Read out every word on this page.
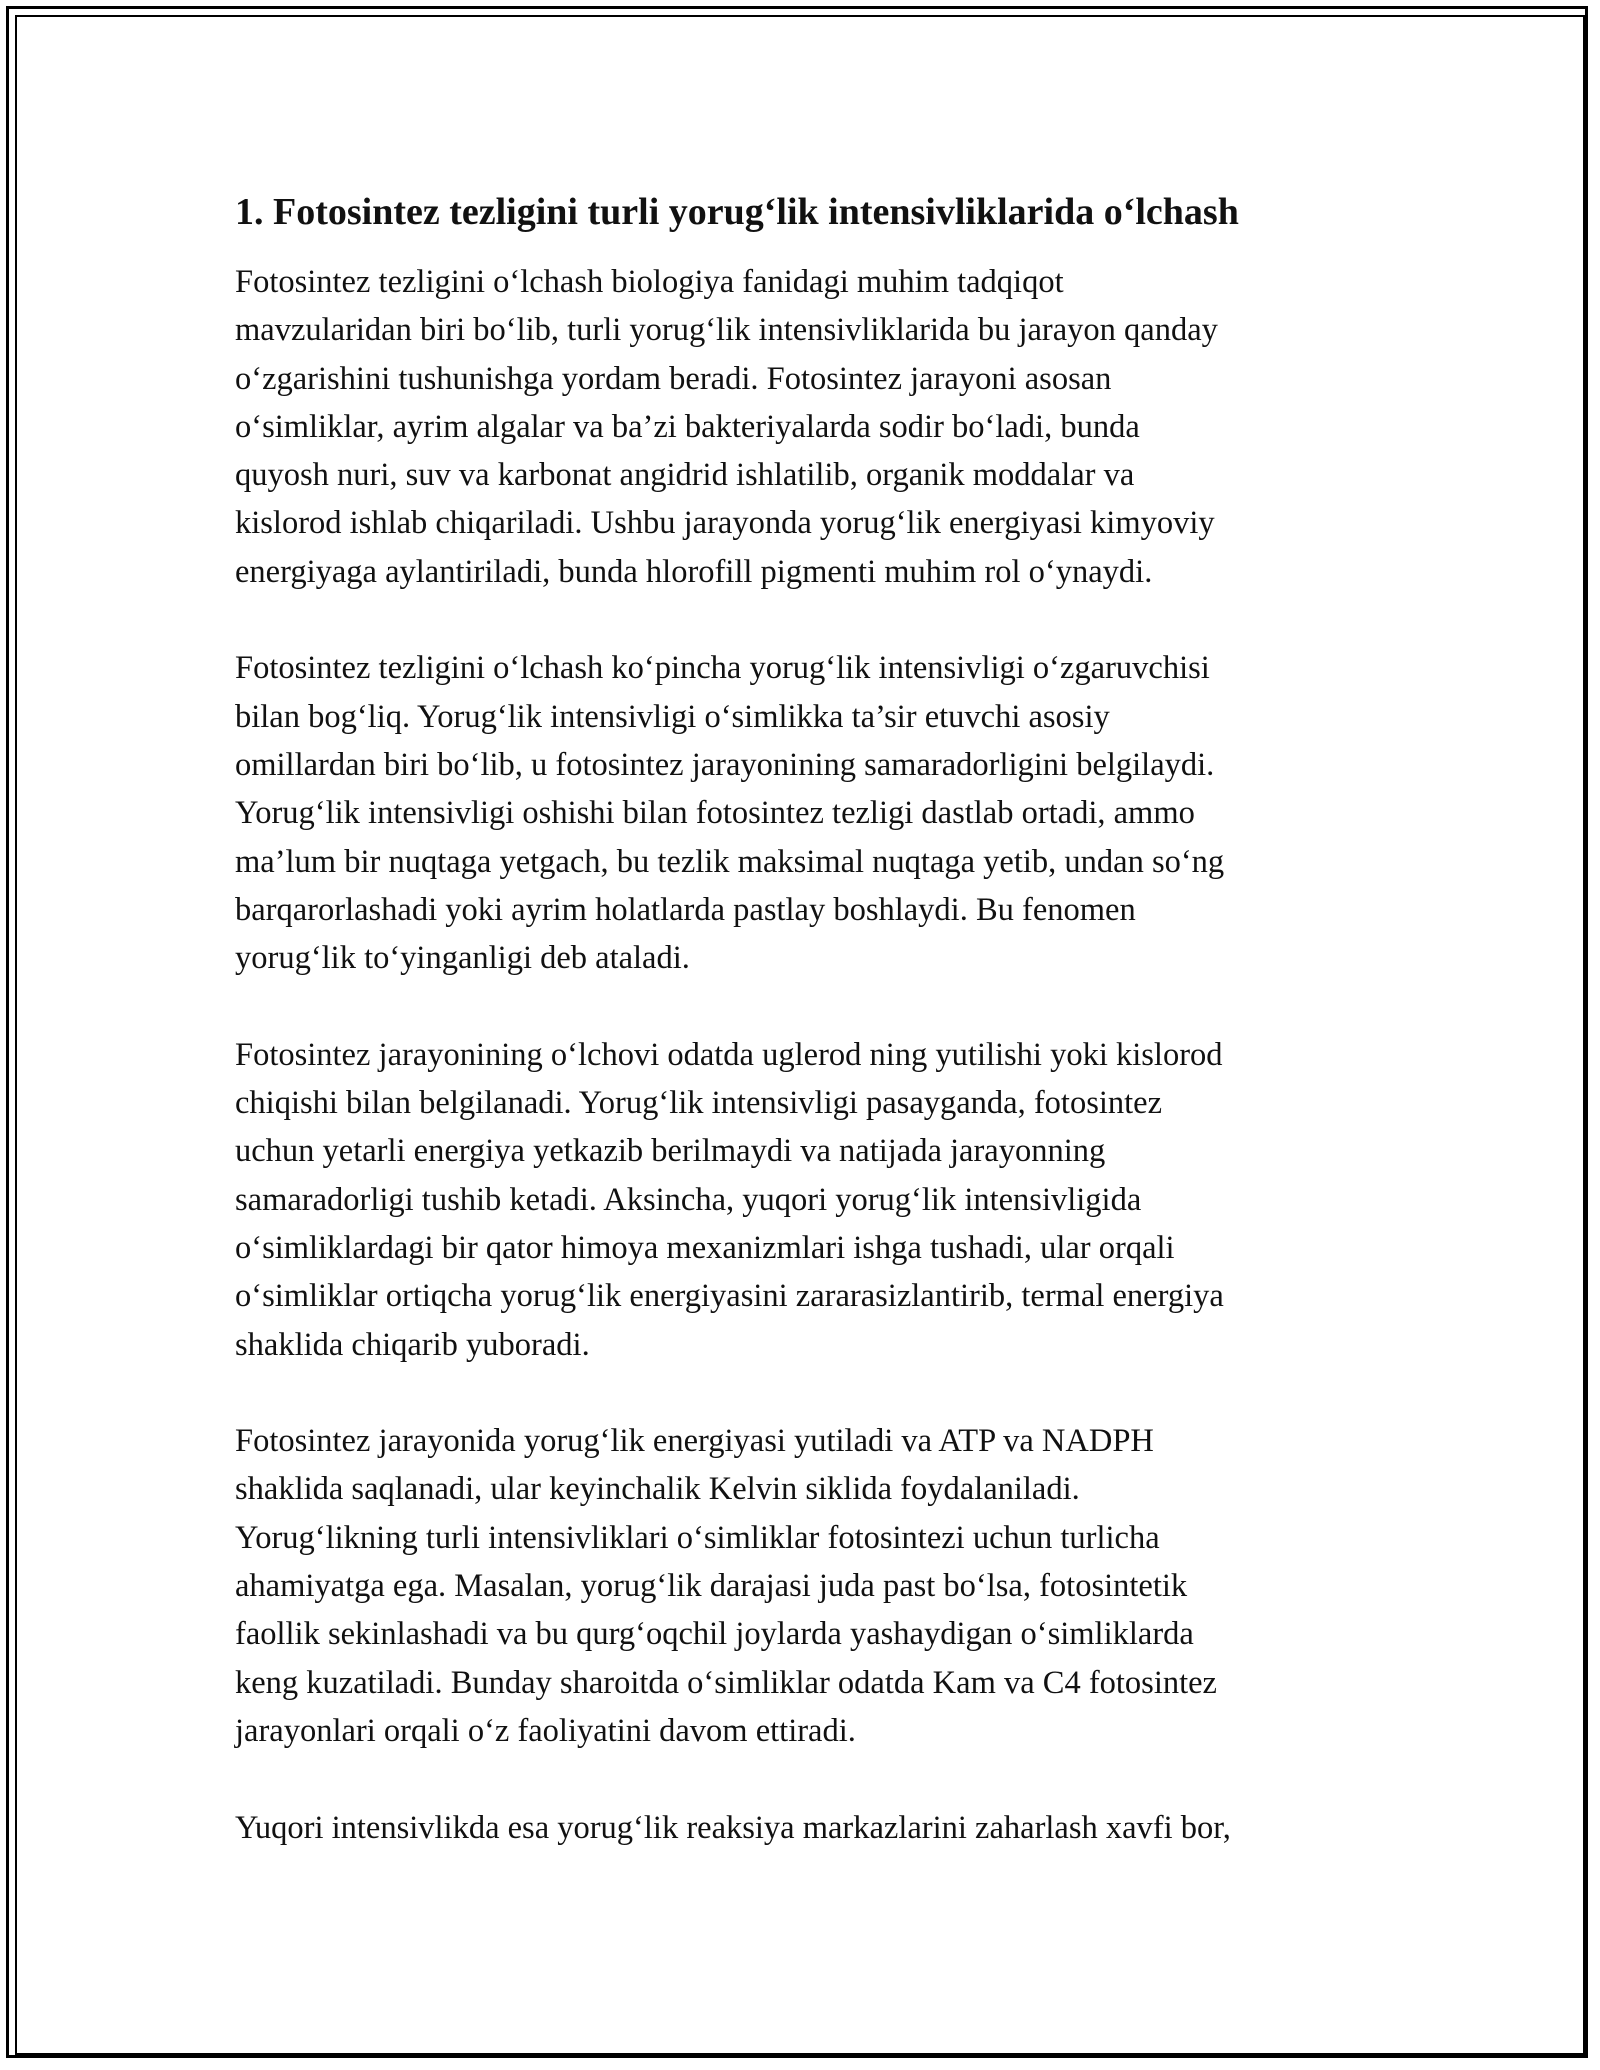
1. Fotosintez tezligini turli yorug‘lik intensivliklarida o‘lchash

Fotosintez tezligini o‘lchash biologiya fanidagi muhim tadqiqot
mavzularidan biri bo‘lib, turli yorug‘lik intensivliklarida bu jarayon qanday
o‘zgarishini tushunishga yordam beradi. Fotosintez jarayoni asosan
o‘simliklar, ayrim algalar va ba’zi bakteriyalarda sodir bo‘ladi, bunda
quyosh nuri, suv va karbonat angidrid ishlatilib, organik moddalar va
kislorod ishlab chiqariladi. Ushbu jarayonda yorug‘lik energiyasi kimyoviy
energiyaga aylantiriladi, bunda hlorofill pigmenti muhim rol o‘ynaydi.

Fotosintez tezligini o‘lchash ko‘pincha yorug‘lik intensivligi o‘zgaruvchisi
bilan bog‘liq. Yorug‘lik intensivligi o‘simlikka ta’sir etuvchi asosiy
omillardan biri bo‘lib, u fotosintez jarayonining samaradorligini belgilaydi.
Yorug‘lik intensivligi oshishi bilan fotosintez tezligi dastlab ortadi, ammo
ma’lum bir nuqtaga yetgach, bu tezlik maksimal nuqtaga yetib, undan so‘ng
barqarorlashadi yoki ayrim holatlarda pastlay boshlaydi. Bu fenomen
yorug‘lik to‘yinganligi deb ataladi.

Fotosintez jarayonining o‘lchovi odatda uglerod ning yutilishi yoki kislorod
chiqishi bilan belgilanadi. Yorug‘lik intensivligi pasayganda, fotosintez
uchun yetarli energiya yetkazib berilmaydi va natijada jarayonning
samaradorligi tushib ketadi. Aksincha, yuqori yorug‘lik intensivligida
o‘simliklardagi bir qator himoya mexanizmlari ishga tushadi, ular orqali
o‘simliklar ortiqcha yorug‘lik energiyasini zararasizlantirib, termal energiya
shaklida chiqarib yuboradi.

Fotosintez jarayonida yorug‘lik energiyasi yutiladi va ATP va NADPH
shaklida saqlanadi, ular keyinchalik Kelvin siklida foydalaniladi.
Yorug‘likning turli intensivliklari o‘simliklar fotosintezi uchun turlicha
ahamiyatga ega. Masalan, yorug‘lik darajasi juda past bo‘lsa, fotosintetik
faollik sekinlashadi va bu qurg‘oqchil joylarda yashaydigan o‘simliklarda
keng kuzatiladi. Bunday sharoitda o‘simliklar odatda Kam va C4 fotosintez
jarayonlari orqali o‘z faoliyatini davom ettiradi.

Yuqori intensivlikda esa yorug‘lik reaksiya markazlarini zaharlash xavfi bor,
